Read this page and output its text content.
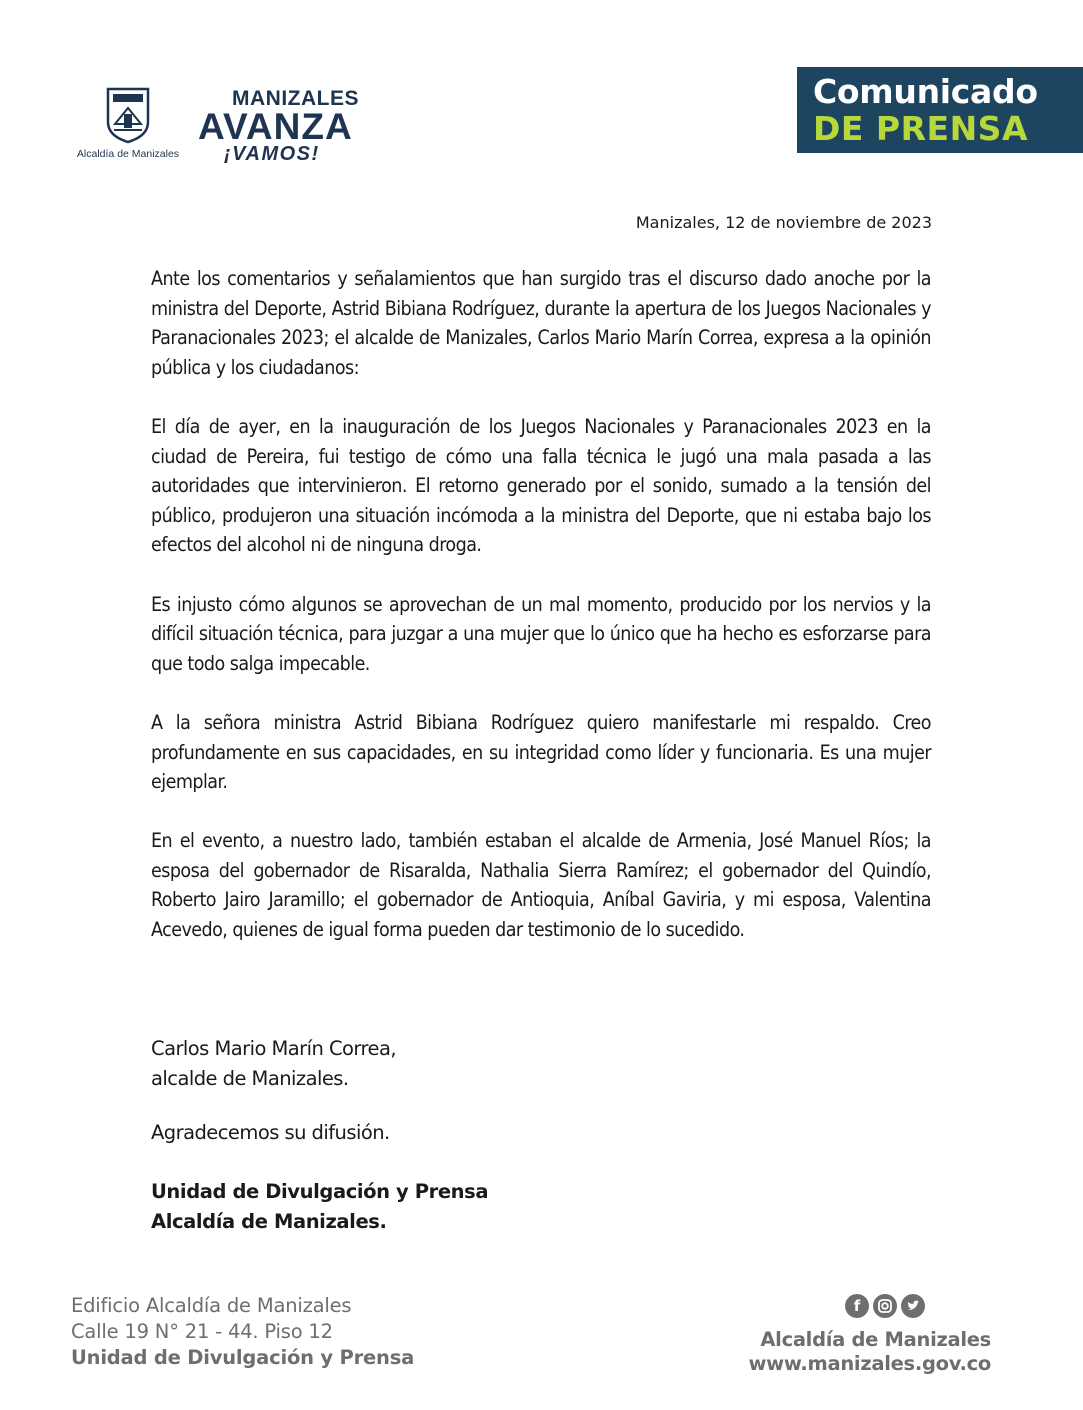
Alcaldía de Manizales
MANIZALES
AVANZA
¡VAMOS!
Comunicado
DE PRENSA
Manizales, 12 de noviembre de 2023

Ante los comentarios y señalamientos que han surgido tras el discurso dado anoche por la ministra del Deporte, Astrid Bibiana Rodríguez, durante la apertura de los Juegos Nacionales y Paranacionales 2023; el alcalde de Manizales, Carlos Mario Marín Correa, expresa a la opinión pública y los ciudadanos:

El día de ayer, en la inauguración de los Juegos Nacionales y Paranacionales 2023 en la ciudad de Pereira, fui testigo de cómo una falla técnica le jugó una mala pasada a las autoridades que intervinieron. El retorno generado por el sonido, sumado a la tensión del público, produjeron una situación incómoda a la ministra del Deporte, que ni estaba bajo los efectos del alcohol ni de ninguna droga.

Es injusto cómo algunos se aprovechan de un mal momento, producido por los nervios y la difícil situación técnica, para juzgar a una mujer que lo único que ha hecho es esforzarse para que todo salga impecable.

A la señora ministra Astrid Bibiana Rodríguez quiero manifestarle mi respaldo. Creo profundamente en sus capacidades, en su integridad como líder y funcionaria. Es una mujer ejemplar.

En el evento, a nuestro lado, también estaban el alcalde de Armenia, José Manuel Ríos; la esposa del gobernador de Risaralda, Nathalia Sierra Ramírez; el gobernador del Quindío, Roberto Jairo Jaramillo; el gobernador de Antioquia, Aníbal Gaviria, y mi esposa, Valentina Acevedo, quienes de igual forma pueden dar testimonio de lo sucedido.

Carlos Mario Marín Correa,
alcalde de Manizales.
Agradecemos su difusión.
Unidad de Divulgación y Prensa
Alcaldía de Manizales.
Edificio Alcaldía de Manizales
Calle 19 N° 21 - 44. Piso 12
Unidad de Divulgación y Prensa
f
Alcaldía de Manizales
www.manizales.gov.co
